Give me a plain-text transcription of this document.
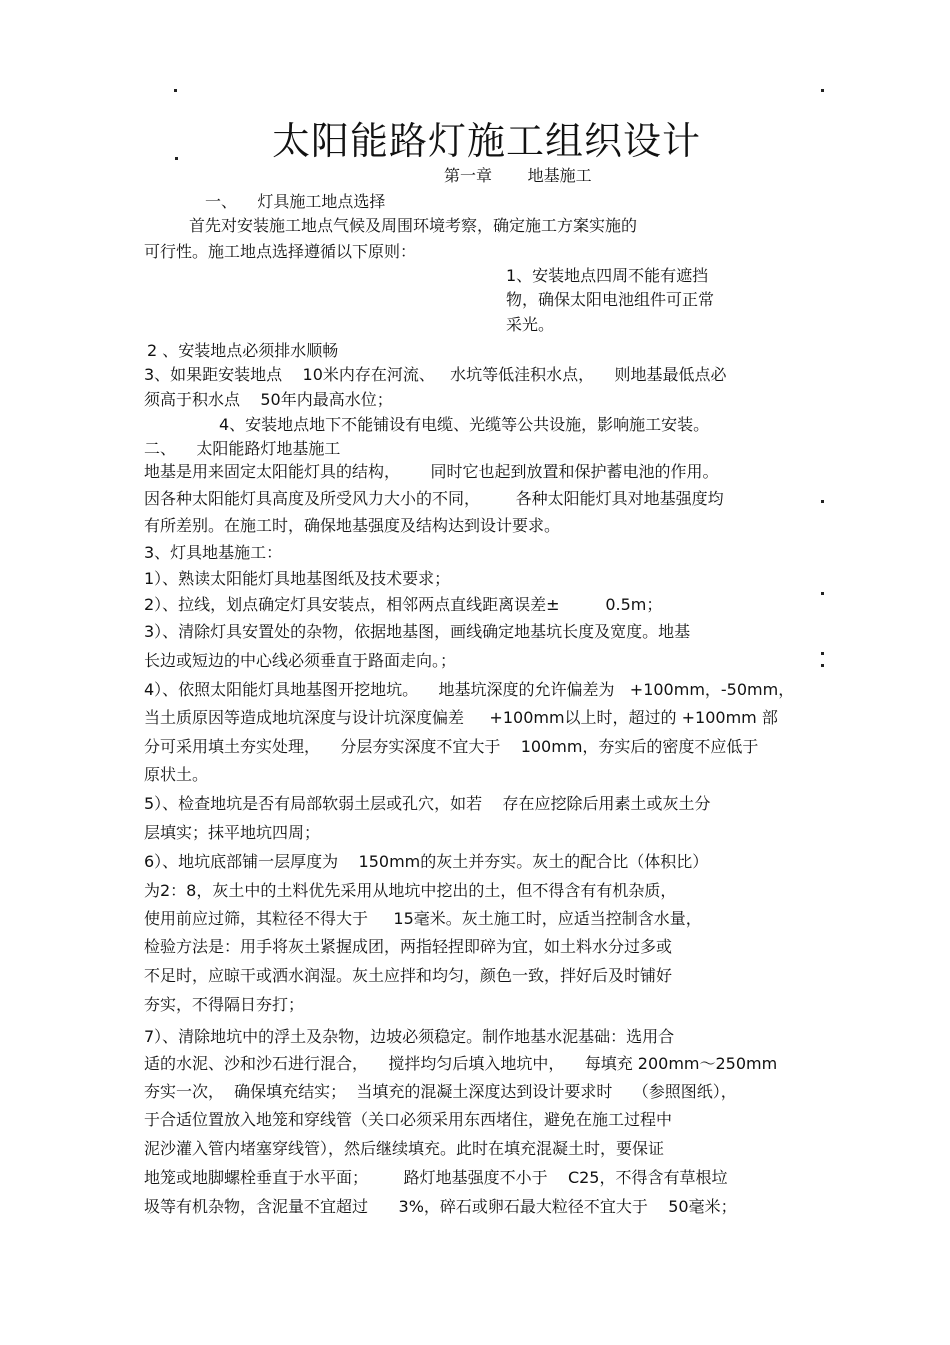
太阳能路灯施工组织设计
第一章       地基施工
一、    灯具施工地点选择
首先对安装施工地点气候及周围环境考察，确定施工方案实施的
可行性。施工地点选择遵循以下原则：
1、安装地点四周不能有遮挡
物，确保太阳电池组件可正常
采光。
2 、安装地点必须排水顺畅
3、如果距安装地点    10米内存在河流、   水坑等低洼积水点，    则地基最低点必
须高于积水点    50年内最高水位；
4、安装地点地下不能铺设有电缆、光缆等公共设施，影响施工安装。
二、    太阳能路灯地基施工
地基是用来固定太阳能灯具的结构，      同时它也起到放置和保护蓄电池的作用。
因各种太阳能灯具高度及所受风力大小的不同，       各种太阳能灯具对地基强度均
有所差别。在施工时，确保地基强度及结构达到设计要求。
3、灯具地基施工：
1）、熟读太阳能灯具地基图纸及技术要求；
2）、拉线，划点确定灯具安装点，相邻两点直线距离误差±         0.5m；
3）、清除灯具安置处的杂物，依据地基图，画线确定地基坑长度及宽度。地基
长边或短边的中心线必须垂直于路面走向。；
4）、依照太阳能灯具地基图开挖地坑。    地基坑深度的允许偏差为   +100mm，-50mm，
当土质原因等造成地坑深度与设计坑深度偏差     +100mm以上时，超过的 +100mm 部
分可采用填土夯实处理，    分层夯实深度不宜大于    100mm，夯实后的密度不应低于
原状土。
5）、检查地坑是否有局部软弱土层或孔穴，如若    存在应挖除后用素土或灰土分
层填实；抹平地坑四周；
6）、地坑底部铺一层厚度为    150mm的灰土并夯实。灰土的配合比（体积比）
为2：8，灰土中的土料优先采用从地坑中挖出的土，但不得含有有机杂质，
使用前应过筛，其粒径不得大于     15毫米。灰土施工时，应适当控制含水量，
检验方法是：用手将灰土紧握成团，两指轻捏即碎为宜，如土料水分过多或
不足时，应晾干或洒水润湿。灰土应拌和均匀，颜色一致，拌好后及时铺好
夯实，不得隔日夯打；
7）、清除地坑中的浮土及杂物，边坡必须稳定。制作地基水泥基础：选用合
适的水泥、沙和沙石进行混合，    搅拌均匀后填入地坑中，    每填充 200mm～250mm
夯实一次，  确保填充结实；  当填充的混凝土深度达到设计要求时    （参照图纸），
于合适位置放入地笼和穿线管（关口必须采用东西堵住，避免在施工过程中
泥沙灌入管内堵塞穿线管），然后继续填充。此时在填充混凝土时，要保证
地笼或地脚螺栓垂直于水平面；       路灯地基强度不小于    C25，不得含有草根垃
圾等有机杂物，含泥量不宜超过      3%，碎石或卵石最大粒径不宜大于    50毫米；
